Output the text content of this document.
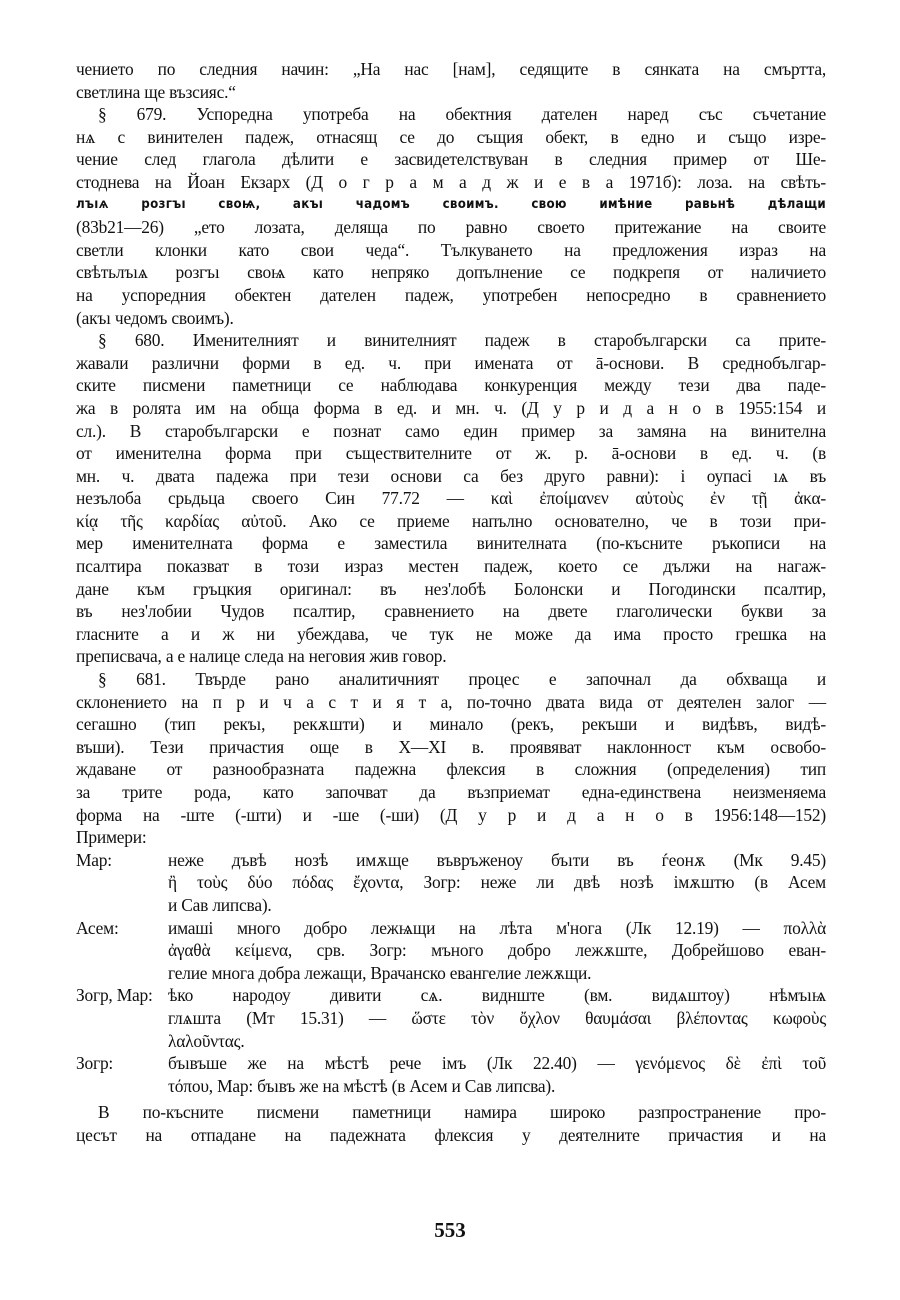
чението по следния начин: „На нас [нам], седящите в сянката на смъртта,
светлина ще възсияс.“
§ 679. Успоредна употреба на обектния дателен наред със съчетание
нѧ с винителен падеж, отнасящ се до същия обект, в едно и също изре-
чение след глагола дѣлити е засвидетелствуван в следния пример от Ше-
стоднева на Йоан Екзарх (Д о г р а м а д ж и е в а 1971б): лоза. на свѣть-
лъıѧ розгъı своѩ, акъı чадомъ своимъ. свою имѣние равьнѣ дѣлащи
(83b21—26) „ето лозата, деляща по равно своето притежание на своите
светли клонки като свои чеда“. Тълкуването на предложения израз на
свѣтьлъıѧ розгъı своѩ като непряко допълнение се подкрепя от наличието
на успоредния обектен дателен падеж, употребен непосредно в сравнението
(акъı чедомъ своимъ).
§ 680. Именителният и винителният падеж в старобългарски са прите-
жавали различни форми в ед. ч. при имената от ā-основи. В среднобългар-
ските писмени паметници се наблюдава конкуренция между тези два паде-
жа в ролята им на обща форма в ед. и мн. ч. (Д у р и д а н о в 1955:154 и
сл.). В старобългарски е познат само един пример за замяна на винителна
от именителна форма при съществителните от ж. р. ā-основи в ед. ч. (в
мн. ч. двата падежа при тези основи са без друго равни): і оупасі ıѧ въ
незълоба срьдьца своего Син 77.72 — καὶ ἐποίμανεν αὐτοὺς ἐν τῇ ἀκα-
κίᾳ τῆς καρδίας αὐτοῦ. Ако се приеме напълно основателно, че в този при-
мер именителната форма е заместила винителната (по-късните ръкописи на
псалтира показват в този израз местен падеж, което се дължи на нагаж-
дане към гръцкия оригинал: въ нез'лобѣ Болонски и Погодински псалтир,
въ нез'лобии Чудов псалтир, сравнението на двете глаголически букви за
гласните а и ж ни убеждава, че тук не може да има просто грешка на
преписвача, а е налице следа на неговия жив говор.
§ 681. Твърде рано аналитичният процес е започнал да обхваща и
склонението на п р и ч а с т и я т а, по-точно двата вида от деятелен залог —
сегашно (тип рекъı, рекѫшти) и минало (рекъ, рекъши и видѣвъ, видѣ-
въши). Тези причастия още в X—XI в. проявяват наклонност към освобо-
ждаване от разнообразната падежна флексия в сложния (определения) тип
за трите рода, като започват да възприемат една-единствена неизменяема
форма на -ште (-шти) и -ше (-ши) (Д у р и д а н о в 1956:148—152)
Примери:
Мар:	неже дъвѣ нозѣ имѫще въвръженоу бъıти въ ѓеонѫ (Мк 9.45)
ἢ τοὺς δύο πόδας ἔχοντα, Зогр: неже ли двѣ нозѣ імѫштю (в Асем
и Сав липсва).
Асем:	имаші много добро лежѩщи на лѣта м'нога (Лк 12.19) — πολλὰ
ἀγαθὰ κείμενα, срв. Зогр: мъного добро лежѫште, Добрейшово еван-
гелие многа добра лежащи, Врачанско евангелие лежѫщи.
Зогр, Мар: ѣко народоу дивити сѧ. виднште (вм. видѧштоу) нѣмъıѩ
глѧшта (Мт 15.31) — ὥστε τὸν ὄχλον θαυμάσαι βλέποντας κωφοὺς
λαλοῦντας.
Зогр:	бъıвъше же на мѣстѣ рече імъ (Лк 22.40) — γενόμενος δὲ ἐπὶ τοῦ
τόπου, Мар: бъıвъ же на мѣстѣ (в Асем и Сав липсва).
В по-късните писмени паметници намира широко разпространение про-
цесът на отпадане на падежната флексия у деятелните причастия и на
553
